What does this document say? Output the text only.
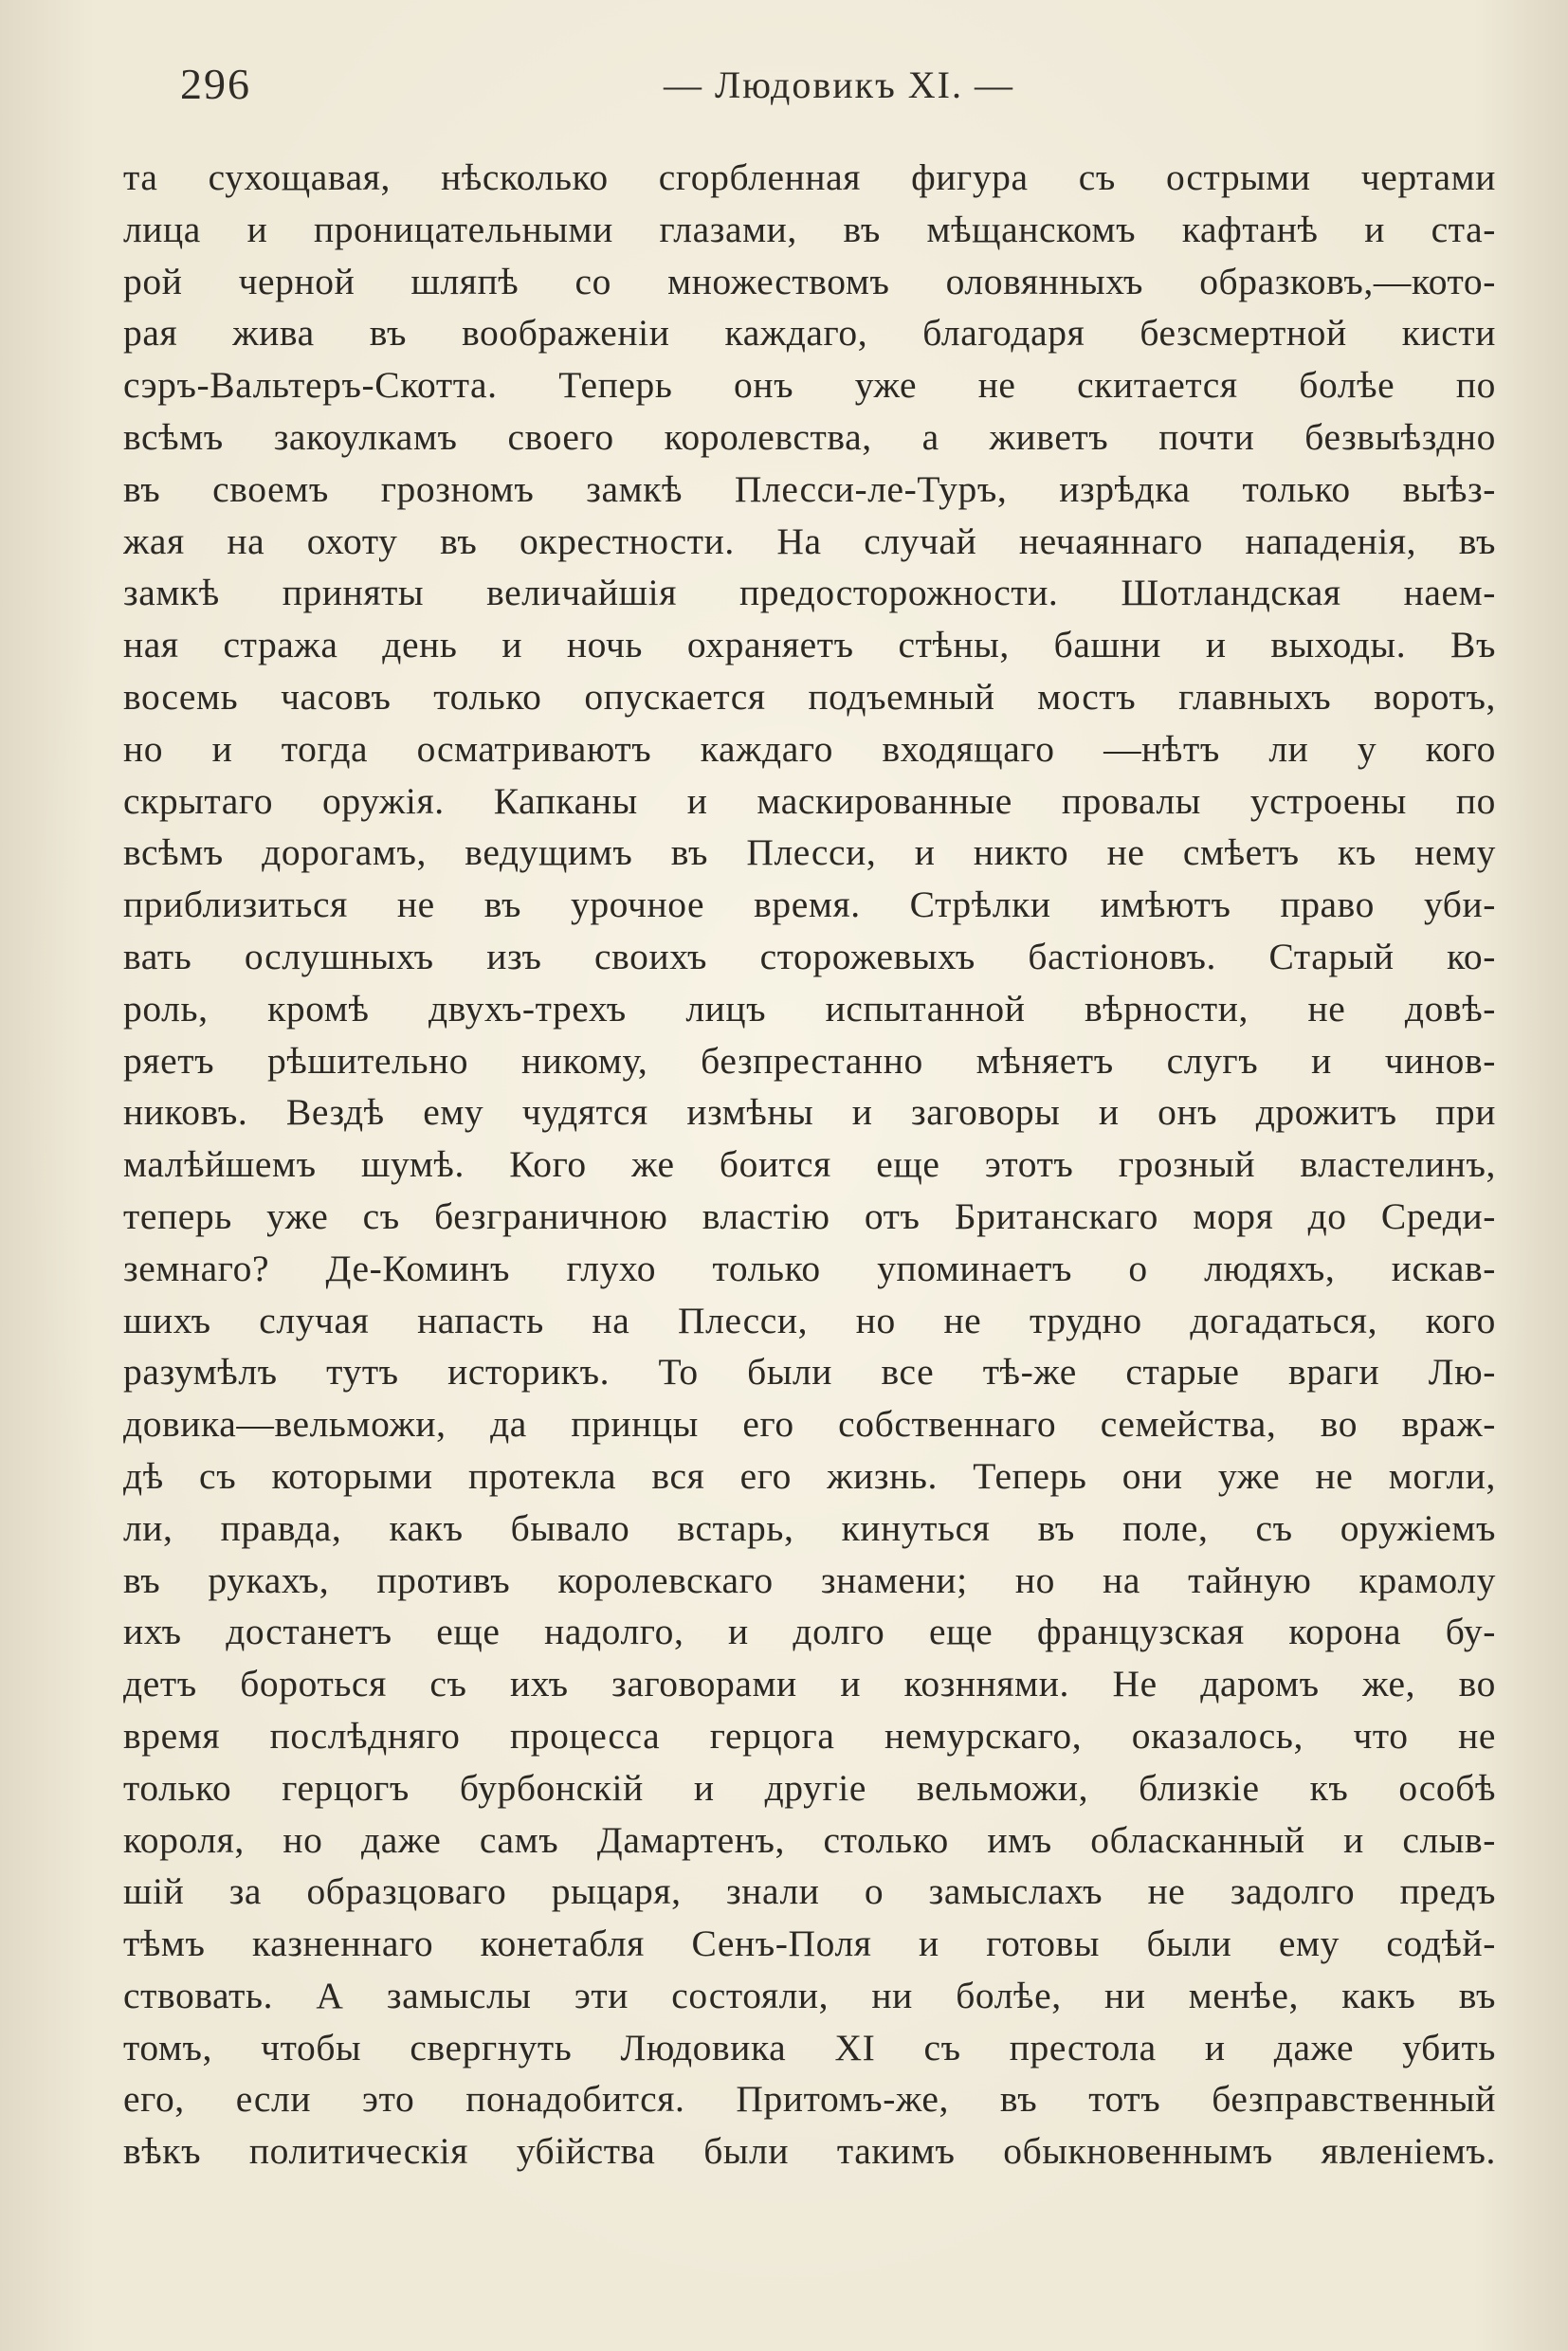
296	— Людовикъ XI. —
та сухощавая, нѣсколько сгорбленная фигура съ острыми чертами
лица и проницательными глазами, въ мѣщанскомъ кафтанѣ и ста-
рой черной шляпѣ со множествомъ оловянныхъ образковъ,—кото-
рая жива въ воображеніи каждаго, благодаря безсмертной кисти
сэръ-Вальтеръ-Скотта. Теперь онъ уже не скитается болѣе по
всѣмъ закоулкамъ своего королевства, а живетъ почти безвыѣздно
въ своемъ грозномъ замкѣ Плесси-ле-Туръ, изрѣдка только выѣз-
жая на охоту въ окрестности. На случай нечаяннаго нападенія, въ
замкѣ приняты величайшія предосторожности. Шотландская наем-
ная стража день и ночь охраняетъ стѣны, башни и выходы. Въ
восемь часовъ только опускается подъемный мостъ главныхъ воротъ,
но и тогда осматриваютъ каждаго входящаго —нѣтъ ли у кого
скрытаго оружія. Капканы и маскированные провалы устроены по
всѣмъ дорогамъ, ведущимъ въ Плесси, и никто не смѣетъ къ нему
приблизиться не въ урочное время. Стрѣлки имѣютъ право уби-
вать ослушныхъ изъ своихъ сторожевыхъ бастіоновъ. Старый ко-
роль, кромѣ двухъ-трехъ лицъ испытанной вѣрности, не довѣ-
ряетъ рѣшительно никому, безпрестанно мѣняетъ слугъ и чинов-
никовъ. Вездѣ ему чудятся измѣны и заговоры и онъ дрожитъ при
малѣйшемъ шумѣ. Кого же боится еще этотъ грозный властелинъ,
теперь уже съ безграничною властію отъ Британскаго моря до Среди-
земнаго? Де-Коминъ глухо только упоминаетъ о людяхъ, искав-
шихъ случая напасть на Плесси, но не трудно догадаться, кого
разумѣлъ тутъ историкъ. То были все тѣ-же старые враги Лю-
довика—вельможи, да принцы его собственнаго семейства, во враж-
дѣ съ которыми протекла вся его жизнь. Теперь они уже не могли,
ли, правда, какъ бывало встарь, кинуться въ поле, съ оружіемъ
въ рукахъ, противъ королевскаго знамени; но на тайную крамолу
ихъ достанетъ еще надолго, и долго еще французская корона бу-
детъ бороться съ ихъ заговорами и козннями. Не даромъ же, во
время послѣдняго процесса герцога немурскаго, оказалось, что не
только герцогъ бурбонскій и другіе вельможи, близкіе къ особѣ
короля, но даже самъ Дамартенъ, столько имъ обласканный и слыв-
шій за образцоваго рыцаря, знали о замыслахъ не задолго предъ
тѣмъ казненнаго конетабля Сенъ-Поля и готовы были ему содѣй-
ствовать. А замыслы эти состояли, ни болѣе, ни менѣе, какъ въ
томъ, чтобы свергнуть Людовика XI съ престола и даже убить
его, если это понадобится. Притомъ-же, въ тотъ безправственный
вѣкъ политическія убійства были такимъ обыкновеннымъ явленіемъ.
